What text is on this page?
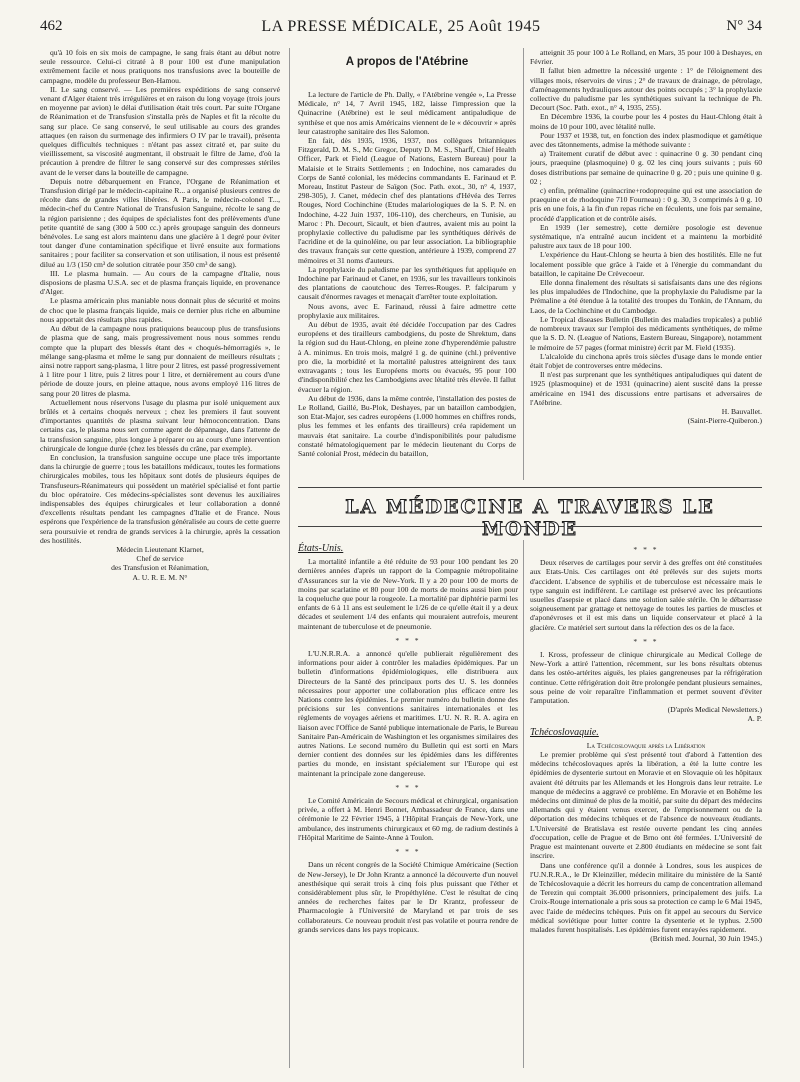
462	LA PRESSE MÉDICALE, 25 Août 1945	N° 34

qu'à 10 fois en six mois de campagne, le sang frais étant au début notre seule ressource. Celui-ci citraté à 8 pour 100 est d'une manipulation extrêmement facile et nous pratiquons nos transfusions avec la bouteille de campagne, modèle du professeur Ben-Hamou.

II. Le sang conservé. — Les premières expéditions de sang conservé venant d'Alger étaient très irrégulières et en raison du long voyage (trois jours en moyenne par avion) le délai d'utilisation était très court. Par suite l'Organe de Réanimation et de Transfusion s'installa près de Naples et fit la récolte du sang sur place. Ce sang conservé, le seul utilisable au cours des grandes attaques (en raison du surmenage des infirmiers O IV par le travail), présenta quelques difficultés techniques : n'étant pas assez citraté et, par suite du vieillissement, sa viscosité augmentant, il obstruait le filtre de Jame, d'où la précaution à prendre de filtrer le sang conservé sur des compresses stériles avant de le verser dans la bouteille de campagne.

Depuis notre débarquement en France, l'Organe de Réanimation et Transfusion dirigé par le médecin-capitaine R... a organisé plusieurs centres de récolte dans de grandes villes libérées. A Paris, le médecin-colonel T..., médecin-chef du Centre National de Transfusion Sanguine, récolte le sang de la région parisienne ; des équipes de spécialistes font des prélèvements d'une petite quantité de sang (300 à 500 cc.) après groupage sanguin des donneurs bénévoles. Le sang est alors maintenu dans une glacière à 1 degré pour éviter tout danger d'une contamination spécifique et livré ensuite aux formations sanitaires ; pour faciliter sa conservation et son utilisation, il nous est présenté dilué au 1/3 (150 cm³ de solution citratée pour 350 cm³ de sang).

III. Le plasma humain. — Au cours de la campagne d'Italie, nous disposions de plasma U.S.A. sec et de plasma français liquide, en provenance d'Alger.

Le plasma américain plus maniable nous donnait plus de sécurité et moins de choc que le plasma français liquide, mais ce dernier plus riche en albumine nous apportait des résultats plus rapides.

Au début de la campagne nous pratiquions beaucoup plus de transfusions de plasma que de sang, mais progressivement nous nous sommes rendu compte que la plupart des blessés étant des « choqués-hémorragiés », le mélange sang-plasma et même le sang pur donnaient de meilleurs résultats ; ainsi notre rapport sang-plasma, 1 litre pour 2 litres, est passé progressivement à 1 litre pour 1 litre, puis 2 litres pour 1 litre, et dernièrement au cours d'une période de douze jours, en pleine attaque, nous avons employé 116 litres de sang pour 20 litres de plasma.

Actuellement nous réservons l'usage du plasma pur isolé uniquement aux brûlés et à certains choqués nerveux ; chez les premiers il faut souvent d'importantes quantités de plasma suivant leur hémoconcentration. Dans certains cas, le plasma nous sert comme agent de dépannage, dans l'attente de la transfusion sanguine, plus longue à préparer ou au cours d'une intervention chirurgicale de longue durée (chez les blessés du crâne, par exemple).

En conclusion, la transfusion sanguine occupe une place très importante dans la chirurgie de guerre ; tous les bataillons médicaux, toutes les formations chirurgicales mobiles, tous les hôpitaux sont dotés de plusieurs équipes de Transfuseurs-Réanimateurs qui possèdent un matériel spécialisé et font partie du bloc opératoire. Ces médecins-spécialistes sont devenus les auxiliaires indispensables des équipes chirurgicales et leur collaboration a donné d'excellents résultats pendant les campagnes d'Italie et de France. Nous espérons que l'expérience de la transfusion généralisée au cours de cette guerre sera poursuivie et rendra de grands services à la chirurgie, après la cessation des hostilités.

Médecin Lieutenant Klarnet,

Chef de service

des Transfusion et Réanimation,

A. U. R. E. M. N°

A propos de l'Atébrine

La lecture de l'article de Ph. Dally, « l'Atébrine vengée », La Presse Médicale, n° 14, 7 Avril 1945, 182, laisse l'impression que la Quinacrine (Atébrine) est le seul médicament antipaludique de synthèse et que nos amis Américains viennent de le « découvrir » après leur catastrophe sanitaire des Iles Salomon.

En fait, dès 1935, 1936, 1937, nos collègues britanniques Fitzgerald, D. M. S., Mc Gregor, Deputy D. M. S., Sharff, Chief Health Officer, Park et Field (League of Nations, Eastern Bureau) pour la Malaisie et le Straits Settlements ; en Indochine, nos camarades du Corps de Santé colonial, les médecins commandants E. Farinaud et P. Moreau, Institut Pasteur de Saïgon (Soc. Path. exot., 30, n° 4, 1937, 298-305), J. Canet, médecin chef des plantations d'Hévéa des Terres Rouges, Nord Cochinchine (Etudes malariologiques de la S. P. N. en Indochine, 4-22 Juin 1937, 106-110), des chercheurs, en Tunisie, au Maroc : Ph. Decourt, Sicault, et bien d'autres, avaient mis au point la prophylaxie collective du paludisme par les synthétiques dérivés de l'acridine et de la quinoléine, ou par leur association. La bibliographie des travaux français sur cette question, antérieure à 1939, comprend 27 mémoires et 31 noms d'auteurs.

La prophylaxie du paludisme par les synthétiques fut appliquée en Indochine par Farinaud et Canet, en 1936, sur les travailleurs tonkinois des plantations de caoutchouc des Terres-Rouges. P. falciparum y causait d'énormes ravages et menaçait d'arrêter toute exploitation.

Nous avons, avec E. Farinaud, réussi à faire admettre cette prophylaxie aux militaires.

Au début de 1935, avait été décidée l'occupation par des Cadres européens et des tirailleurs cambodgiens, du poste de Shrektum, dans la région sud du Haut-Chlong, en pleine zone d'hyperendémie palustre à A. minimus. En trois mois, malgré 1 g. de quinine (chl.) préventive pro die, la morbidité et la mortalité palustres atteignirent des taux extravagants ; tous les Européens morts ou évacués, 95 pour 100 d'indisponibilité chez les Cambodgiens avec létalité très élevée. Il fallut évacuer la région.

Au début de 1936, dans la même contrée, l'installation des postes de Le Rolland, Gaillé, Bu-Plok, Deshayes, par un bataillon cambodgien, son Etat-Major, ses cadres européens (1.000 hommes en chiffres ronds, plus les femmes et les enfants des tirailleurs) créa rapidement un mauvais état sanitaire. La courbe d'indisponibilités pour paludisme constaté hématologiquement par le médecin lieutenant du Corps de Santé colonial Prost, médecin du bataillon,

atteignit 35 pour 100 à Le Rolland, en Mars, 35 pour 100 à Deshayes, en Février.

Il fallut bien admettre la nécessité urgente : 1° de l'éloignement des villages mois, réservoirs de virus ; 2° de travaux de drainage, de pétrolage, d'aménagements hydrauliques autour des points occupés ; 3° la prophylaxie collective du paludisme par les synthétiques suivant la technique de Ph. Decourt (Soc. Path. exot., n° 4, 1935, 255).

En Décembre 1936, la courbe pour les 4 postes du Haut-Chlong était à moins de 10 pour 100, avec létalité nulle.

Pour 1937 et 1938, tut, en fonction des index plasmodique et gamétique avec des tâtonnements, admise la méthode suivante :

a) Traitement curatif de début avec : quinacrine 0 g. 30 pendant cinq jours, praequine (plasmoquine) 0 g. 02 les cinq jours suivants ; puis 60 doses distributions par semaine de quinacrine 0 g. 20 ; puis une quinine 0 g. 02 ;

c) enfin, prémaline (quinacrine+rodoprequine qui est une association de praequine et de rhodoquine 710 Fourneau) : 0 g. 30, 3 comprimés à 0 g. 10 pris en une fois, à la fin d'un repas riche en féculents, une fois par semaine, procédé d'application et de contrôle aisés.

En 1939 (1er semestre), cette dernière posologie est devenue systématique, n'a entraîné aucun incident et a maintenu la morbidité palustre aux taux de 18 pour 100.

L'expérience du Haut-Chlong se heurta à bien des hostilités. Elle ne fut localement possible que grâce à l'aide et à l'énergie du commandant du bataillon, le capitaine De Crèvecoeur.

Elle donna finalement des résultats si satisfaisants dans une des régions les plus impaludées de l'Indochine, que la prophylaxie du Paludisme par la Prémaline a été étendue à la totalité des troupes du Tonkin, de l'Annam, du Laos, de la Cochinchine et du Cambodge.

Le Tropical diseases Bulletin (Bulletin des maladies tropicales) a publié de nombreux travaux sur l'emploi des médicaments synthétiques, de même que la S. D. N. (League of Nations, Eastern Bureau, Singapore), notamment le mémoire de 57 pages (format ministre) écrit par M. Field (1935).

L'alcaloïde du cinchona après trois siècles d'usage dans le monde entier était l'objet de controverses entre médecins.

Il n'est pas surprenant que les synthétiques antipaludiques qui datent de 1925 (plasmoquine) et de 1931 (quinacrine) aient suscité dans la presse américaine en 1941 des discussions entre partisans et adversaires de l'Atébrine.

H. Bauvallet.

(Saint-Pierre-Quiberon.)

LA MÉDECINE A TRAVERS LE MONDE

États-Unis.

La mortalité infantile a été réduite de 93 pour 100 pendant les 20 dernières années d'après un rapport de la Compagnie métropolitaine d'Assurances sur la vie de New-York. Il y a 20 pour 100 de morts de moins par scarlatine et 80 pour 100 de morts de moins aussi bien pour la coqueluche que pour la rougeole. La mortalité par diphtérie parmi les enfants de 6 à 11 ans est seulement le 1/26 de ce qu'elle était il y a deux décades et seulement 1/4 des enfants qui mouraient autrefois, meurent maintenant de tuberculose et de pneumonie.

* * *

L'U.N.R.R.A. a annoncé qu'elle publierait régulièrement des informations pour aider à contrôler les maladies épidémiques. Par un bulletin d'informations épidémiologiques, elle distribuera aux Directeurs de la Santé des principaux ports des U. S. les données nécessaires pour apporter une collaboration plus efficace entre les Nations contre les épidémies. Le premier numéro du bulletin donne des précisions sur les conventions sanitaires internationales et les règlements de voyages aériens et maritimes. L'U. N. R. R. A. agira en liaison avec l'Office de Santé publique internationale de Paris, le Bureau Sanitaire Pan-Américain de Washington et les organismes similaires des autres Nations. Le second numéro du Bulletin qui est sorti en Mars dernier contient des données sur les épidémies dans les différentes parties du monde, en insistant spécialement sur l'Europe qui est maintenant la principale zone dangereuse.

* * *

Le Comité Américain de Secours médical et chirurgical, organisation privée, a offert à M. Henri Bonnet, Ambassadeur de France, dans une cérémonie le 22 Février 1945, à l'Hôpital Français de New-York, une ambulance, des instruments chirurgicaux et 60 mg. de radium destinés à l'Hôpital Maritime de Sainte-Anne à Toulon.

* * *

Dans un récent congrès de la Société Chimique Américaine (Section de New-Jersey), le Dr John Krantz a annoncé la découverte d'un nouvel anesthésique qui serait trois à cinq fois plus puissant que l'éther et considérablement plus sûr, le Propéthyléne. C'est le résultat de cinq années de recherches faites par le Dr Krantz, professeur de Pharmacologie à l'Université de Maryland et par trois de ses collaborateurs. Ce nouveau produit n'est pas volatile et pourra rendre de grands services dans les pays tropicaux.

* * *

Deux réserves de cartilages pour servir à des greffes ont été constituées aux Etats-Unis. Ces cartilages ont été prélevés sur des sujets morts d'accident. L'absence de syphilis et de tuberculose est nécessaire mais le type sanguin est indifférent. Le cartilage est préservé avec les précautions usuelles d'asepsie et placé dans une solution salée stérile. On le débarrasse soigneusement par grattage et nettoyage de toutes les parties de muscles et d'aponévroses et il est mis dans un liquide conservateur et placé à la glacière. Ce matériel sert surtout dans la réfection des os de la face.

* * *

I. Kross, professeur de clinique chirurgicale au Medical College de New-York a attiré l'attention, récemment, sur les bons résultats obtenus dans les ostéo-artérites aiguës, les plaies gangreneuses par la réfrigération continue. Cette réfrigération doit être prolongée pendant plusieurs semaines, sous peine de voir reparaître l'inflammation et permet souvent d'éviter l'amputation.

(D'après Medical Newsletters.)

A. P.

Tchécoslovaquie.

La Tchécoslovaquie après la Libération

Le premier problème qui s'est présenté tout d'abord à l'attention des médecins tchécoslovaques après la libération, a été la lutte contre les épidémies de dysenterie surtout en Moravie et en Slovaquie où les hôpitaux avaient été détruits par les Allemands et les Hongrois dans leur retraite. Le manque de médecins a aggravé ce problème. En Moravie et en Bohême les médecins ont diminué de plus de la moitié, par suite du départ des médecins allemands qui y étaient venus exercer, de l'emprisonnement ou de la déportation des médecins tchèques et de l'absence de nouveaux étudiants. L'Université de Bratislava est restée ouverte pendant les cinq années d'occupation, celle de Prague et de Brno ont été fermées. L'Université de Prague est maintenant ouverte et 2.800 étudiants en médecine se sont fait inscrire.

Dans une conférence qu'il a donnée à Londres, sous les auspices de l'U.N.R.R.A., le Dr Kleinziller, médecin militaire du ministère de la Santé de Tchécoslovaquie a décrit les horreurs du camp de concentration allemand de Terezin qui comptait 36.000 prisonniers, principalement des juifs. La Croix-Rouge internationale a pris sous sa protection ce camp le 6 Mai 1945, avec l'aide de médecins tchèques. Puis on fit appel au secours du Service médical soviétique pour lutter contre la dysenterie et le typhus. 2.500 malades furent hospitalisés. Les épidémies furent enrayées rapidement.

(British med. Journal, 30 Juin 1945.)
